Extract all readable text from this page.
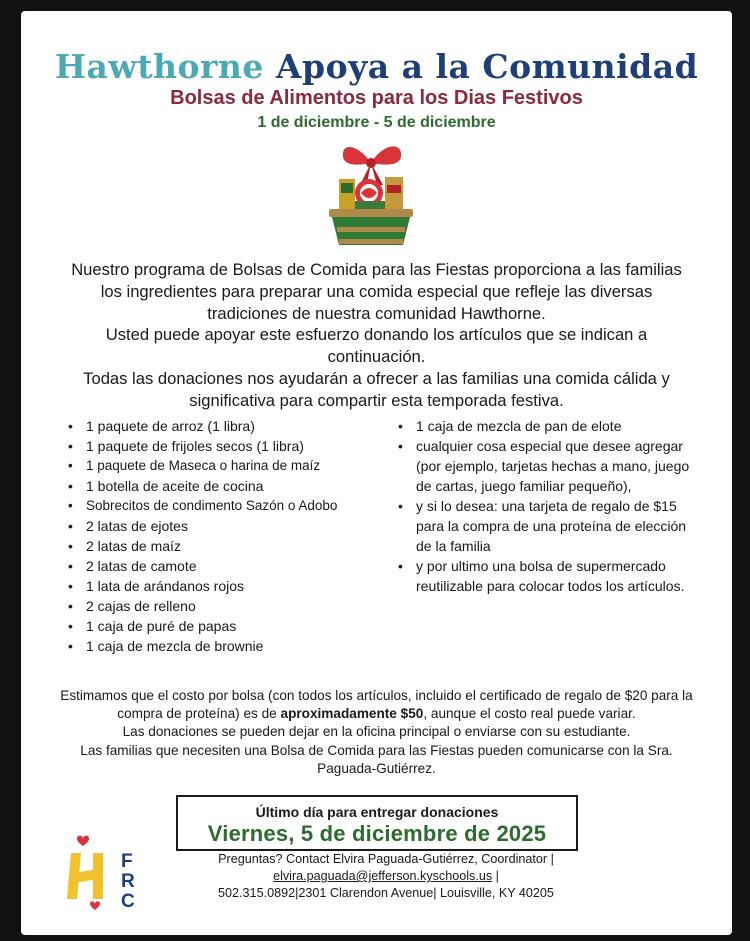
Hawthorne Apoya a la Comunidad
Bolsas de Alimentos para los Dias Festivos
1 de diciembre - 5 de diciembre

Nuestro programa de Bolsas de Comida para las Fiestas proporciona a las familias los ingredientes para preparar una comida especial que refleje las diversas tradiciones de nuestra comunidad Hawthorne.

Usted puede apoyar este esfuerzo donando los artículos que se indican a continuación.

Todas las donaciones nos ayudarán a ofrecer a las familias una comida cálida y significativa para compartir esta temporada festiva.

• 1 paquete de arroz (1 libra)
• 1 paquete de frijoles secos (1 libra)
• 1 paquete de Maseca o harina de maíz
• 1 botella de aceite de cocina
• Sobrecitos de condimento Sazón o Adobo
• 2 latas de ejotes
• 2 latas de maíz
• 2 latas de camote
• 1 lata de arándanos rojos
• 2 cajas de relleno
• 1 caja de puré de papas
• 1 caja de mezcla de brownie
• 1 caja de mezcla de pan de elote
• cualquier cosa especial que desee agregar (por ejemplo, tarjetas hechas a mano, juego de cartas, juego familiar pequeño),
• y si lo desea: una tarjeta de regalo de $15 para la compra de una proteína de elección de la familia
• y por ultimo una bolsa de supermercado reutilizable para colocar todos los artículos.

Estimamos que el costo por bolsa (con todos los artículos, incluido el certificado de regalo de $20 para la compra de proteína) es de aproximadamente $50, aunque el costo real puede variar.

Las donaciones se pueden dejar en la oficina principal o enviarse con su estudiante.

Las familias que necesiten una Bolsa de Comida para las Fiestas pueden comunicarse con la Sra. Paguada-Gutiérrez.

Último día para entregar donaciones
Viernes, 5 de diciembre de 2025
F
R
C

Preguntas? Contact Elvira Paguada-Gutiérrez, Coordinator |

elvira.paguada@jefferson.kyschools.us |

502.315.0892|2301 Clarendon Avenue| Louisville, KY 40205
